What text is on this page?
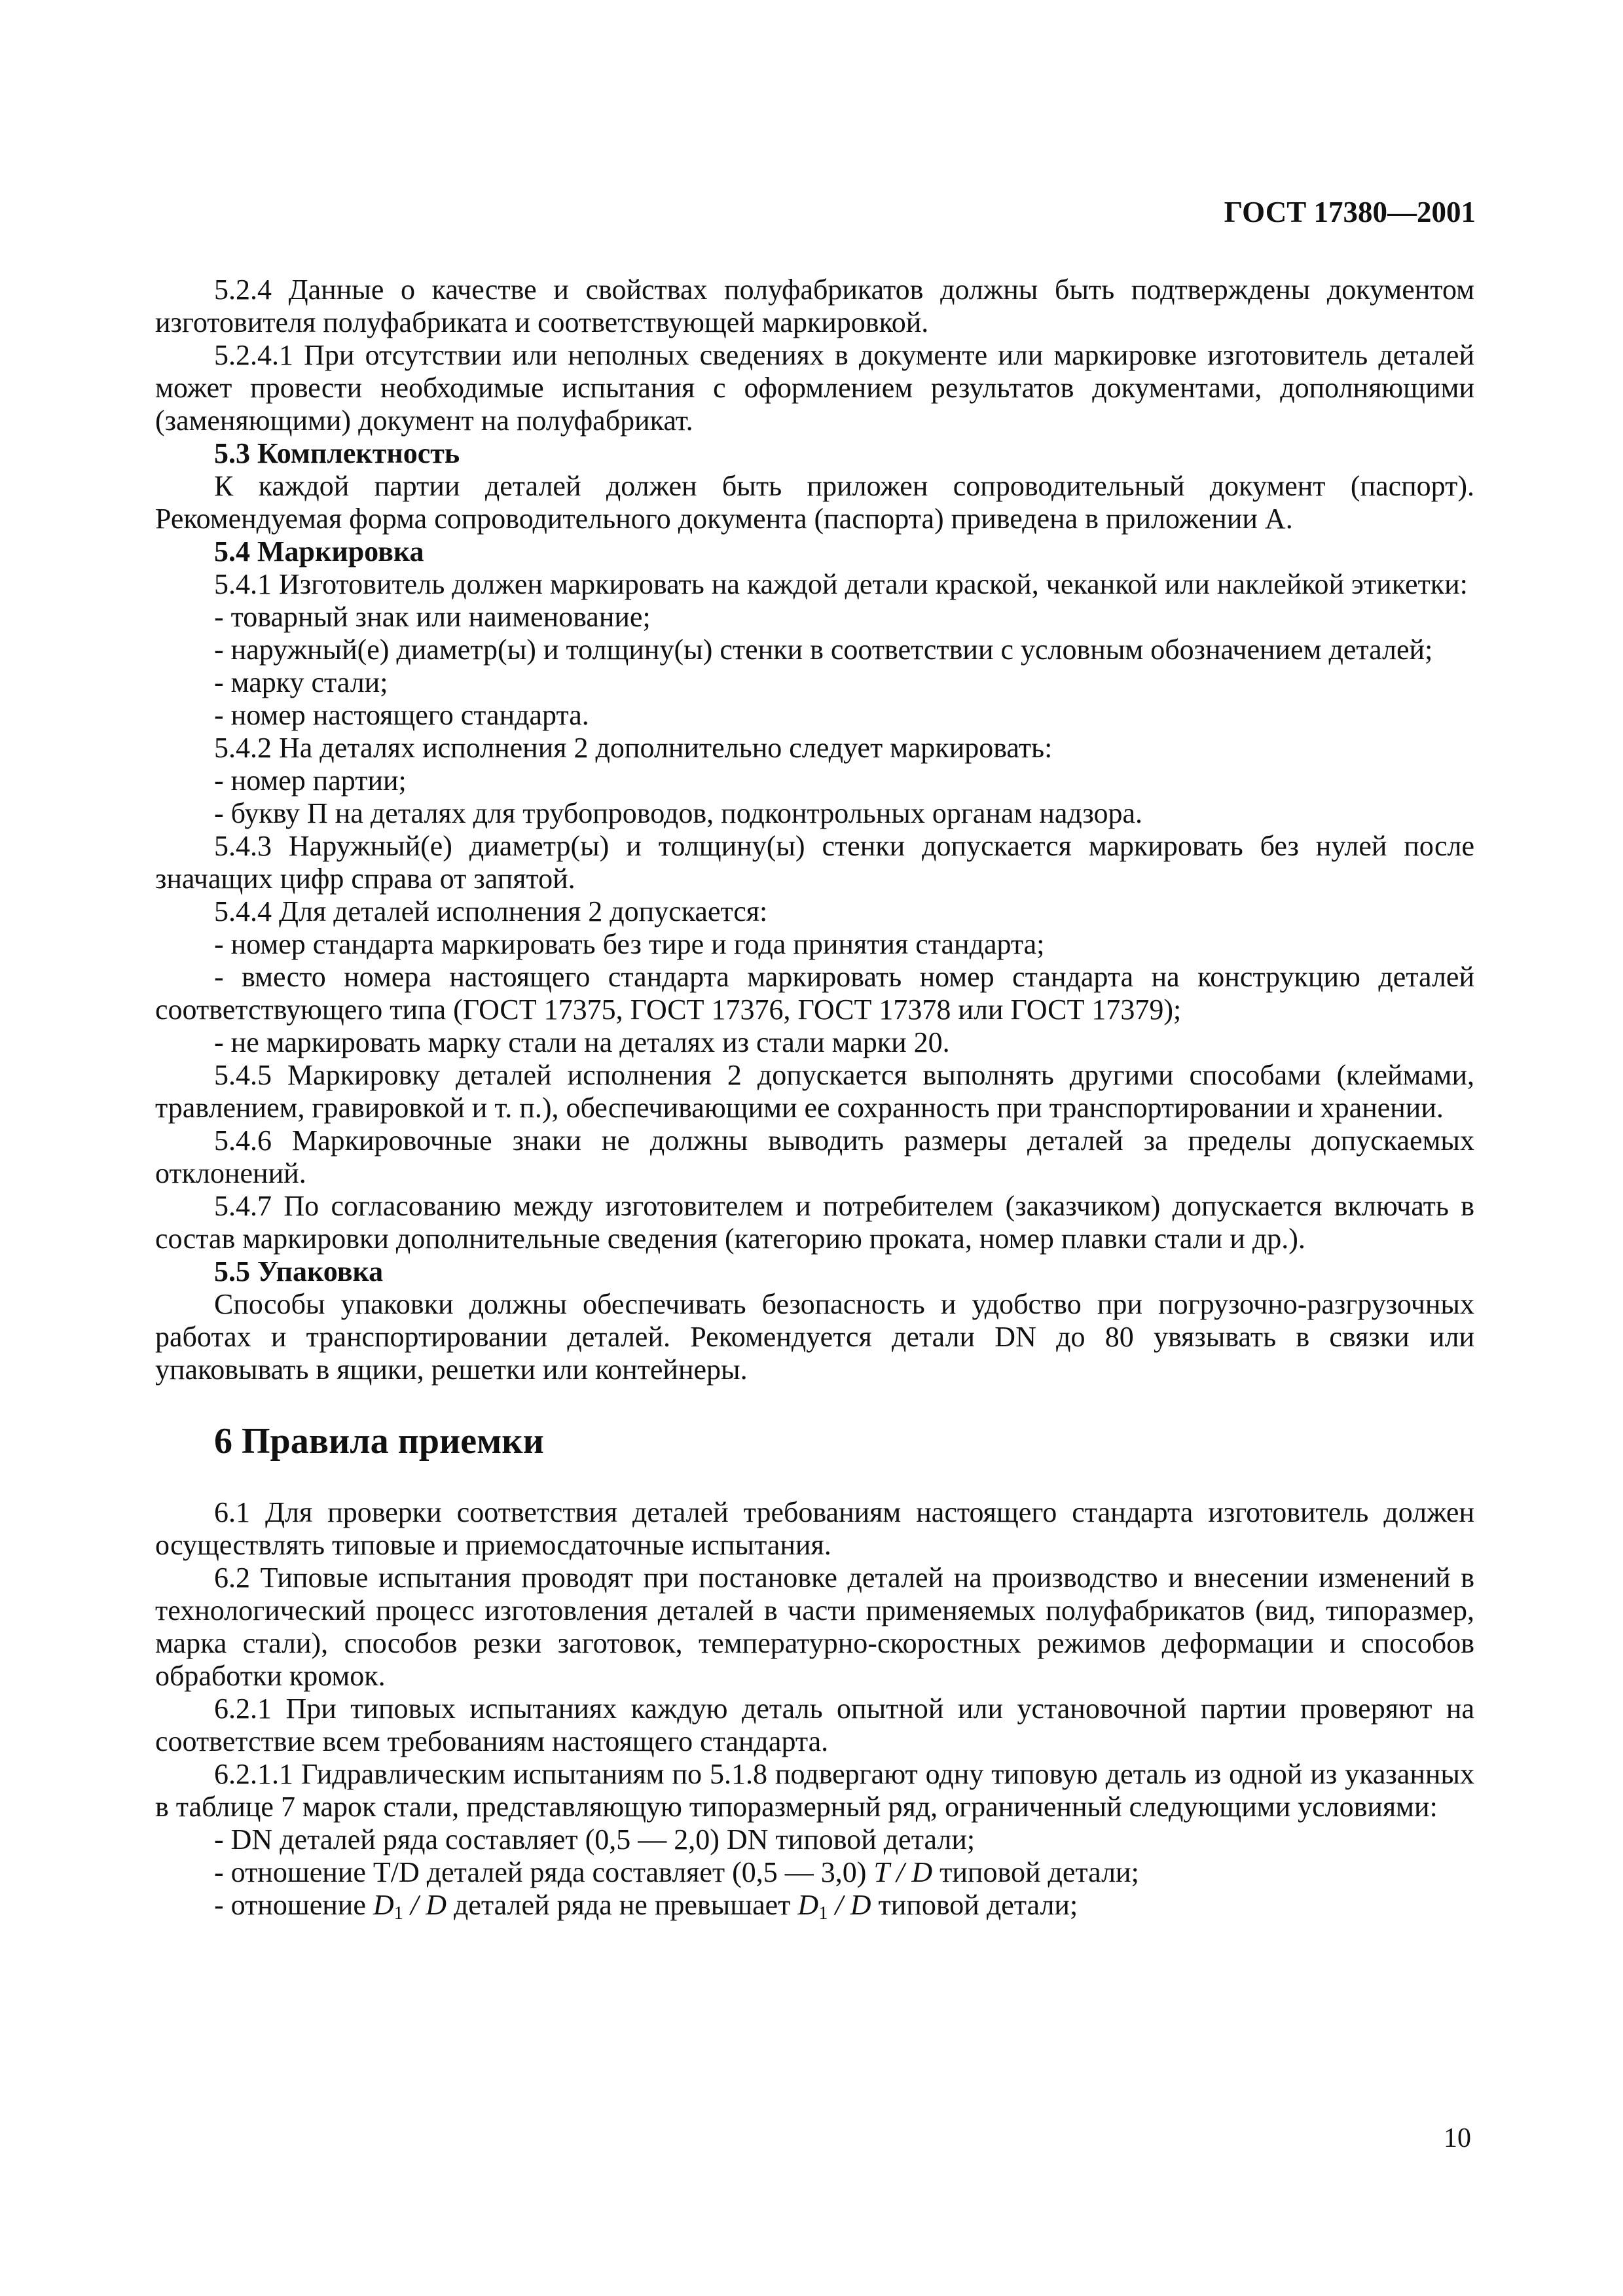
ГОСТ 17380—2001

5.2.4 Данные о качестве и свойствах полуфабрикатов должны быть подтверждены документом изготовителя полуфабриката и соответствующей маркировкой.

5.2.4.1 При отсутствии или неполных сведениях в документе или маркировке изготовитель деталей может провести необходимые испытания с оформлением результатов документами, дополняющими (заменяющими) документ на полуфабрикат.

5.3 Комплектность

К каждой партии деталей должен быть приложен сопроводительный документ (паспорт). Рекомендуемая форма сопроводительного документа (паспорта) приведена в приложении А.

5.4 Маркировка

5.4.1 Изготовитель должен маркировать на каждой детали краской, чеканкой или наклейкой этикетки:

- товарный знак или наименование;

- наружный(е) диаметр(ы) и толщину(ы) стенки в соответствии с условным обозначением деталей;

- марку стали;

- номер настоящего стандарта.

5.4.2 На деталях исполнения 2 дополнительно следует маркировать:

- номер партии;

- букву П на деталях для трубопроводов, подконтрольных органам надзора.

5.4.3 Наружный(е) диаметр(ы) и толщину(ы) стенки допускается маркировать без нулей после значащих цифр справа от запятой.

5.4.4 Для деталей исполнения 2 допускается:

- номер стандарта маркировать без тире и года принятия стандарта;

- вместо номера настоящего стандарта маркировать номер стандарта на конструкцию деталей соответствующего типа (ГОСТ 17375, ГОСТ 17376, ГОСТ 17378 или ГОСТ 17379);

- не маркировать марку стали на деталях из стали марки 20.

5.4.5 Маркировку деталей исполнения 2 допускается выполнять другими способами (клеймами, травлением, гравировкой и т. п.), обеспечивающими ее сохранность при транспортировании и хранении.

5.4.6 Маркировочные знаки не должны выводить размеры деталей за пределы допускаемых отклонений.

5.4.7 По согласованию между изготовителем и потребителем (заказчиком) допускается включать в состав маркировки дополнительные сведения (категорию проката, номер плавки стали и др.).

5.5 Упаковка

Способы упаковки должны обеспечивать безопасность и удобство при погрузочно-разгрузочных работах и транспортировании деталей. Рекомендуется детали DN до 80 увязывать в связки или упаковывать в ящики, решетки или контейнеры.

6 Правила приемки

6.1 Для проверки соответствия деталей требованиям настоящего стандарта изготовитель должен осуществлять типовые и приемосдаточные испытания.

6.2 Типовые испытания проводят при постановке деталей на производство и внесении изменений в технологический процесс изготовления деталей в части применяемых полуфабрикатов (вид, типоразмер, марка стали), способов резки заготовок, температурно-скоростных режимов деформации и способов обработки кромок.

6.2.1 При типовых испытаниях каждую деталь опытной или установочной партии проверяют на соответствие всем требованиям настоящего стандарта.

6.2.1.1 Гидравлическим испытаниям по 5.1.8 подвергают одну типовую деталь из одной из указанных в таблице 7 марок стали, представляющую типоразмерный ряд, ограниченный следующими условиями:

- DN деталей ряда составляет (0,5 — 2,0) DN типовой детали;

- отношение T/D деталей ряда составляет (0,5 — 3,0) T / D типовой детали;

- отношение $D_1$ / D деталей ряда не превышает $D_1$ / D типовой детали;

10
